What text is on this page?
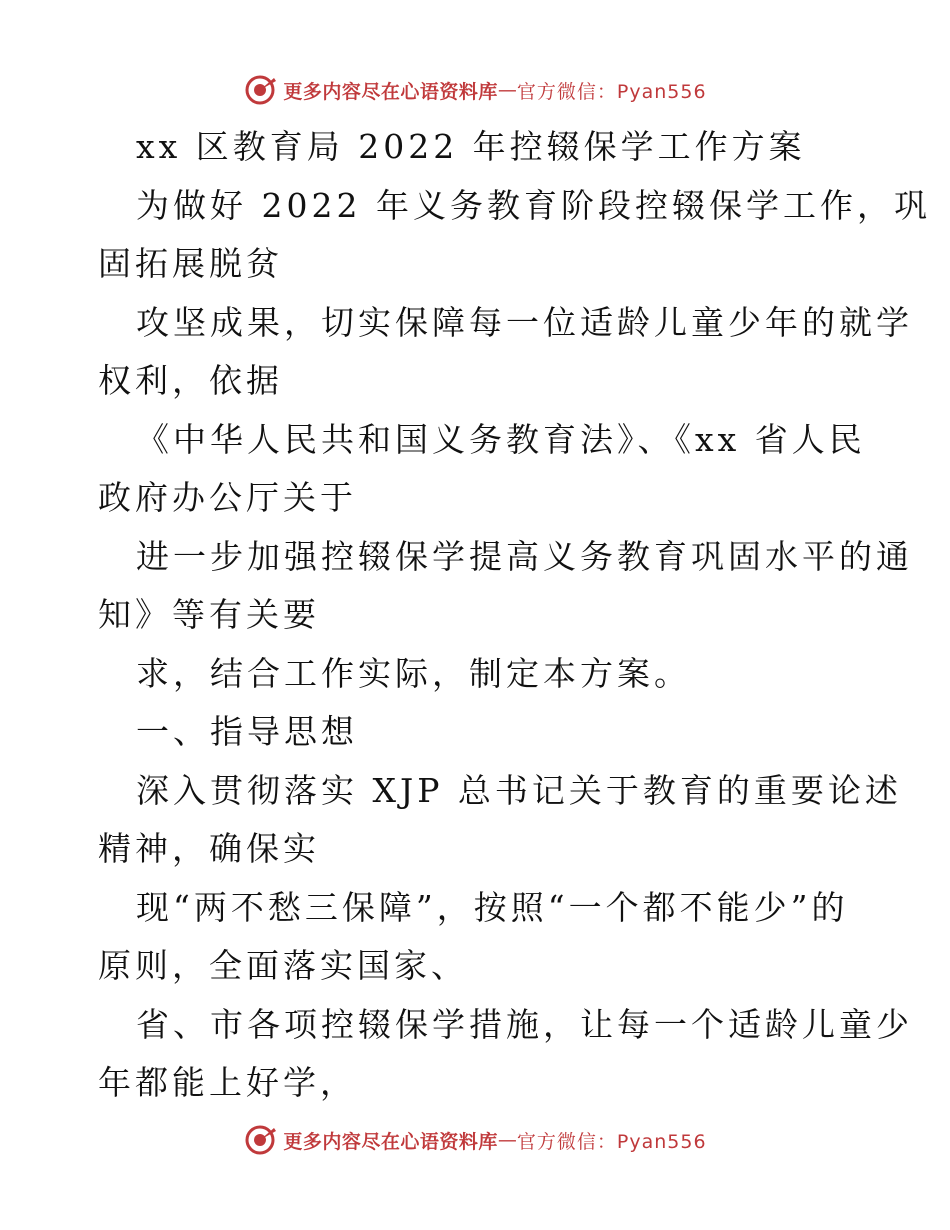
更多内容尽在心语资料库 — 官方微信：Pyan556
xx 区教育局 2022 年控辍保学工作方案
为做好 2022 年义务教育阶段控辍保学工作，巩
固拓展脱贫
攻坚成果，切实保障每一位适龄儿童少年的就学
权利，依据
《中华人民共和国义务教育法》、《xx 省人民
政府办公厅关于
进一步加强控辍保学提高义务教育巩固水平的通
知》等有关要
求，结合工作实际，制定本方案。
一、指导思想
深入贯彻落实 XJP 总书记关于教育的重要论述
精神，确保实
现“两不愁三保障”，按照“一个都不能少”的
原则，全面落实国家、
省、市各项控辍保学措施，让每一个适龄儿童少
年都能上好学，
更多内容尽在心语资料库 — 官方微信：Pyan556
